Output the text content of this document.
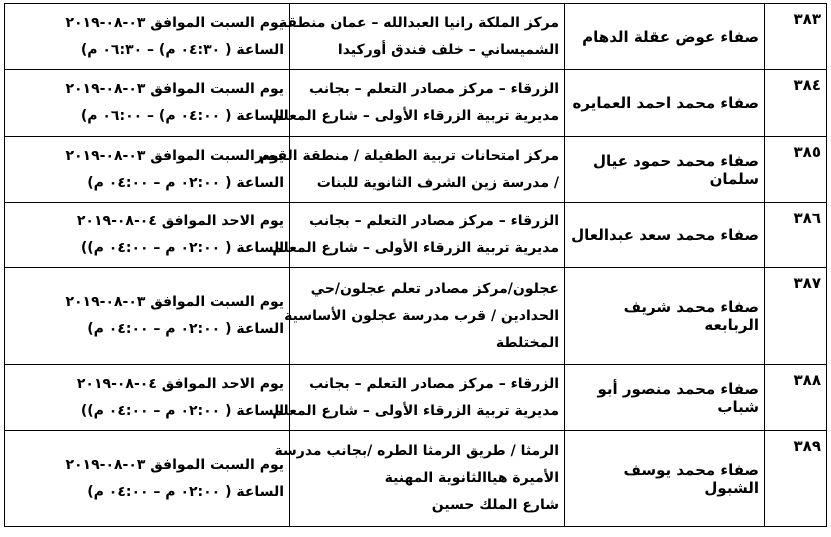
٣٨٣	صفاء عوض عقلة الدهام	مركز الملكة رانيا العبدالله – عمان منطقة
الشميساني – خلف فندق أوركيدا	يوم السبت الموافق ٠٣-٠٨-٢٠١٩
الساعة ( ٠٤:٣٠ م) – ٠٦:٣٠ م)

٣٨٤	صفاء محمد احمد العمايره	الزرقاء – مركز مصادر التعلم – بجانب
مديرية تربية الزرقاء الأولى – شارع المعلم	يوم السبت الموافق ٠٣-٠٨-٢٠١٩
الساعة ( ٠٤:٠٠ م) – ٠٦:٠٠ م)

٣٨٥	صفاء محمد حمود عيال سلمان	مركز امتحانات تربية الطفيلة / منطقة القصر
/ مدرسة زين الشرف الثانوية للبنات	يوم السبت الموافق ٠٣-٠٨-٢٠١٩
الساعة ( ٠٢:٠٠ م – ٠٤:٠٠ م)

٣٨٦	صفاء محمد سعد عبدالعال	الزرقاء – مركز مصادر التعلم – بجانب
مديرية تربية الزرقاء الأولى – شارع المعلم	يوم الاحد الموافق ٠٤-٠٨-٢٠١٩
الساعة ( ٠٢:٠٠ م – ٠٤:٠٠ م))

٣٨٧	صفاء محمد شريف الربابعه	عجلون/مركز مصادر تعلم عجلون/حي
الحدادين / قرب مدرسة عجلون الأساسية
المختلطة	يوم السبت الموافق ٠٣-٠٨-٢٠١٩
الساعة ( ٠٢:٠٠ م – ٠٤:٠٠ م)

٣٨٨	صفاء محمد منصور أبو شباب	الزرقاء – مركز مصادر التعلم – بجانب
مديرية تربية الزرقاء الأولى – شارع المعلم	يوم الاحد الموافق ٠٤-٠٨-٢٠١٩
الساعة ( ٠٢:٠٠ م – ٠٤:٠٠ م))

٣٨٩	صفاء محمد يوسف الشبول	الرمثا / طريق الرمثا الطره /بجانب مدرسة
الأميرة هياالثانوية المهنية
شارع الملك حسين	يوم السبت الموافق ٠٣-٠٨-٢٠١٩
الساعة ( ٠٢:٠٠ م – ٠٤:٠٠ م)
